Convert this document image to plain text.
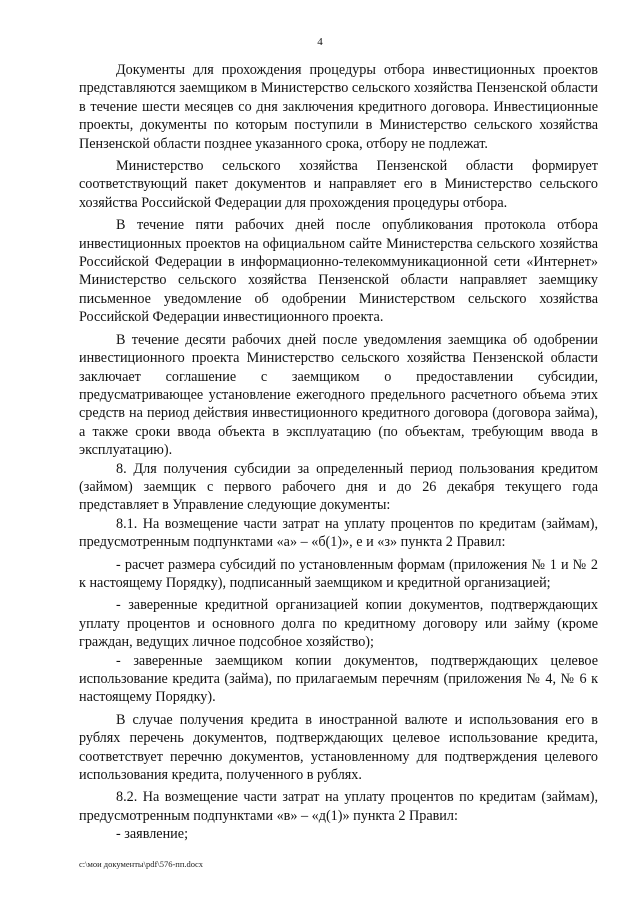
4

Документы для прохождения процедуры отбора инвестиционных проектов представляются заемщиком в Министерство сельского хозяйства Пензенской области в течение шести месяцев со дня заключения кредитного договора. Инвестиционные проекты, документы по которым поступили в Министерство сельского хозяйства Пензенской области позднее указанного срока, отбору не подлежат.

Министерство сельского хозяйства Пензенской области формирует соответствующий пакет документов и направляет его в Министерство сельского хозяйства Российской Федерации для прохождения процедуры отбора.

В течение пяти рабочих дней после опубликования протокола отбора инвестиционных проектов на официальном сайте Министерства сельского хозяйства Российской Федерации в информационно-телекоммуникационной сети «Интернет» Министерство сельского хозяйства Пензенской области направляет заемщику письменное уведомление об одобрении Министерством сельского хозяйства Российской Федерации инвестиционного проекта.

В течение десяти рабочих дней после уведомления заемщика об одобрении инвестиционного проекта Министерство сельского хозяйства Пензенской области заключает соглашение с заемщиком о предоставлении субсидии, предусматривающее установление ежегодного предельного расчетного объема этих средств на период действия инвестиционного кредитного договора (договора займа), а также сроки ввода объекта в эксплуатацию (по объектам, требующим ввода в эксплуатацию).

8. Для получения субсидии за определенный период пользования кредитом (займом) заемщик с первого рабочего дня и до 26 декабря текущего года представляет в Управление следующие документы:

8.1. На возмещение части затрат на уплату процентов по кредитам (займам), предусмотренным подпунктами «а» – «б(1)», е и «з» пункта 2 Правил:

- расчет размера субсидий по установленным формам (приложения № 1 и № 2 к настоящему Порядку), подписанный заемщиком и кредитной организацией;

- заверенные кредитной организацией копии документов, подтверждающих уплату процентов и основного долга по кредитному договору или займу (кроме граждан, ведущих личное подсобное хозяйство);

- заверенные заемщиком копии документов, подтверждающих целевое использование кредита (займа), по прилагаемым перечням (приложения № 4, № 6 к настоящему Порядку).

В случае получения кредита в иностранной валюте и использования его в рублях перечень документов, подтверждающих целевое использование кредита, соответствует перечню документов, установленному для подтверждения целевого использования кредита, полученного в рублях.

8.2. На возмещение части затрат на уплату процентов по кредитам (займам), предусмотренным подпунктами «в» – «д(1)» пункта 2 Правил:

- заявление;

c:\мои документы\pdf\576-пп.docx
